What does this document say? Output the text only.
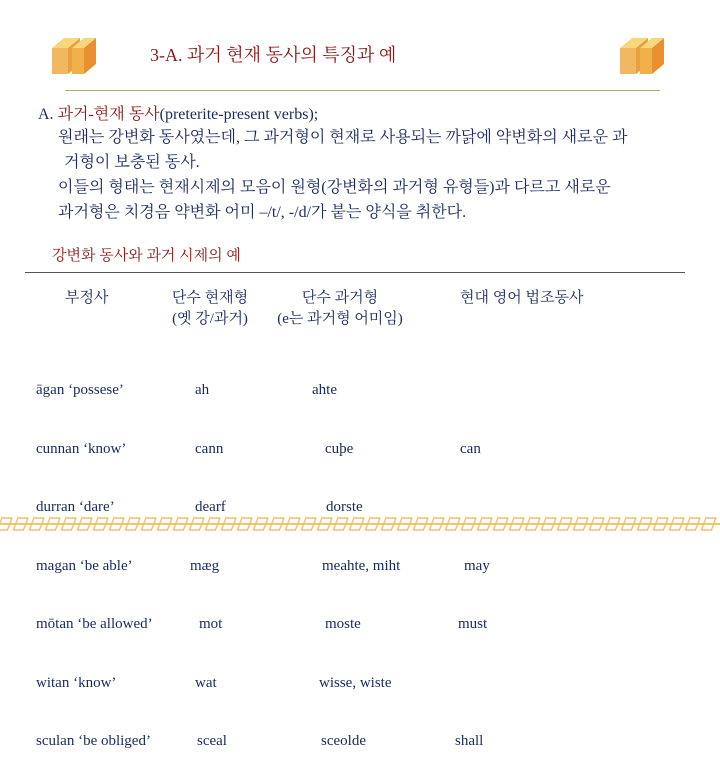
3-A. 과거 현재 동사의 특징과 예
A. 과거-현재 동사(preterite-present verbs);
원래는 강변화 동사였는데, 그 과거형이 현재로 사용되는 까닭에 약변화의 새로운 과
거형이 보충된 동사.
이들의 형태는 현재시제의 모음이 원형(강변화의 과거형 유형들)과 다르고 새로운
과거형은 치경음 약변화 어미 –/t/, -/d/가 붙는 양식을 취한다.
강변화 동사와 과거 시제의 예
부정사	단수 현재형
(옛 강/과거)
단수 과거형
(e는 과거형 어미임)
현대 영어 법조동사

āgan ‘possese’

cunnan ‘know’

durran ‘dare’

magan ‘be able’

mōtan ‘be allowed’

witan ‘know’

sculan ‘be obliged’

ah

cann

dearf

mæg

mot

wat

sceal

ahte

cuþe

dorste

meahte, miht

moste

wisse, wiste

sceolde

can

may

must

shall
